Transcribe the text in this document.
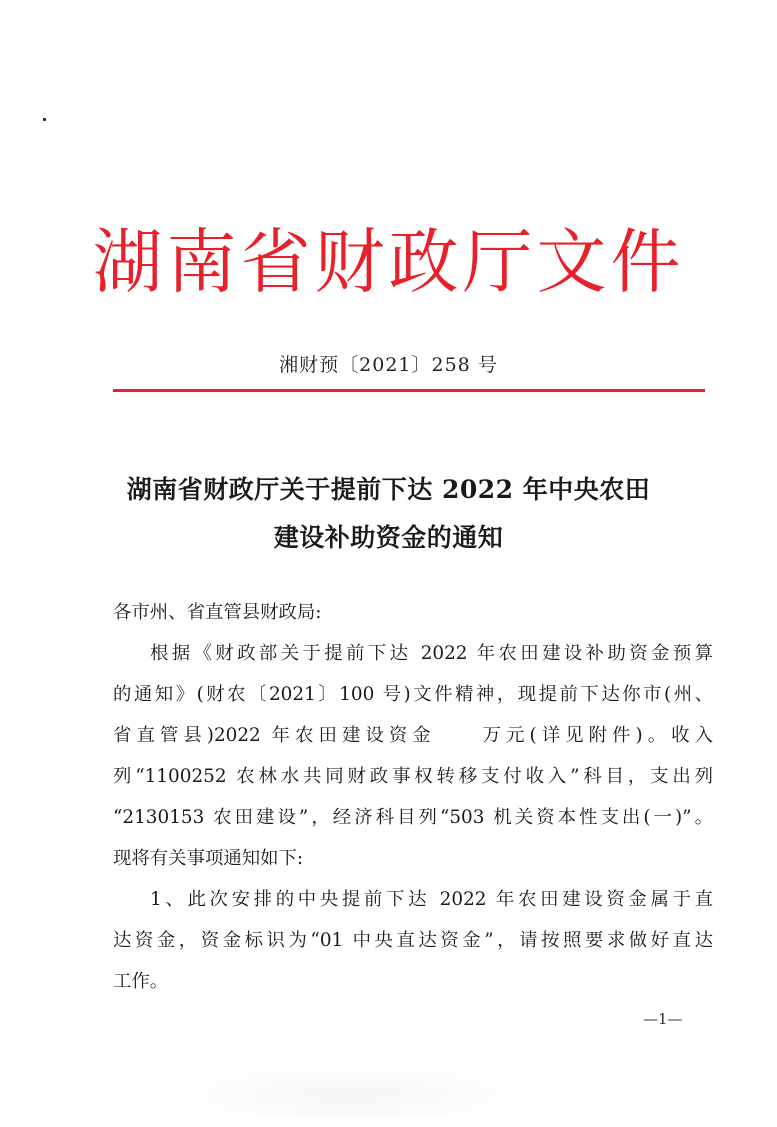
湖南省财政厅文件
湘财预〔2021〕258 号
湖南省财政厅关于提前下达 2022 年中央农田
建设补助资金的通知
各市州、省直管县财政局:
根据《财政部关于提前下达 2022 年农田建设补助资金预算
的通知》(财农〔2021〕100 号)文件精神，现提前下达你市(州、
省直管县)2022 年农田建设资金　　万元(详见附件)。收入
列“1100252 农林水共同财政事权转移支付收入”科目，支出列
“2130153 农田建设”，经济科目列“503 机关资本性支出(一)”。
现将有关事项通知如下:
1、此次安排的中央提前下达 2022 年农田建设资金属于直
达资金，资金标识为“01 中央直达资金”，请按照要求做好直达
工作。
—1—
